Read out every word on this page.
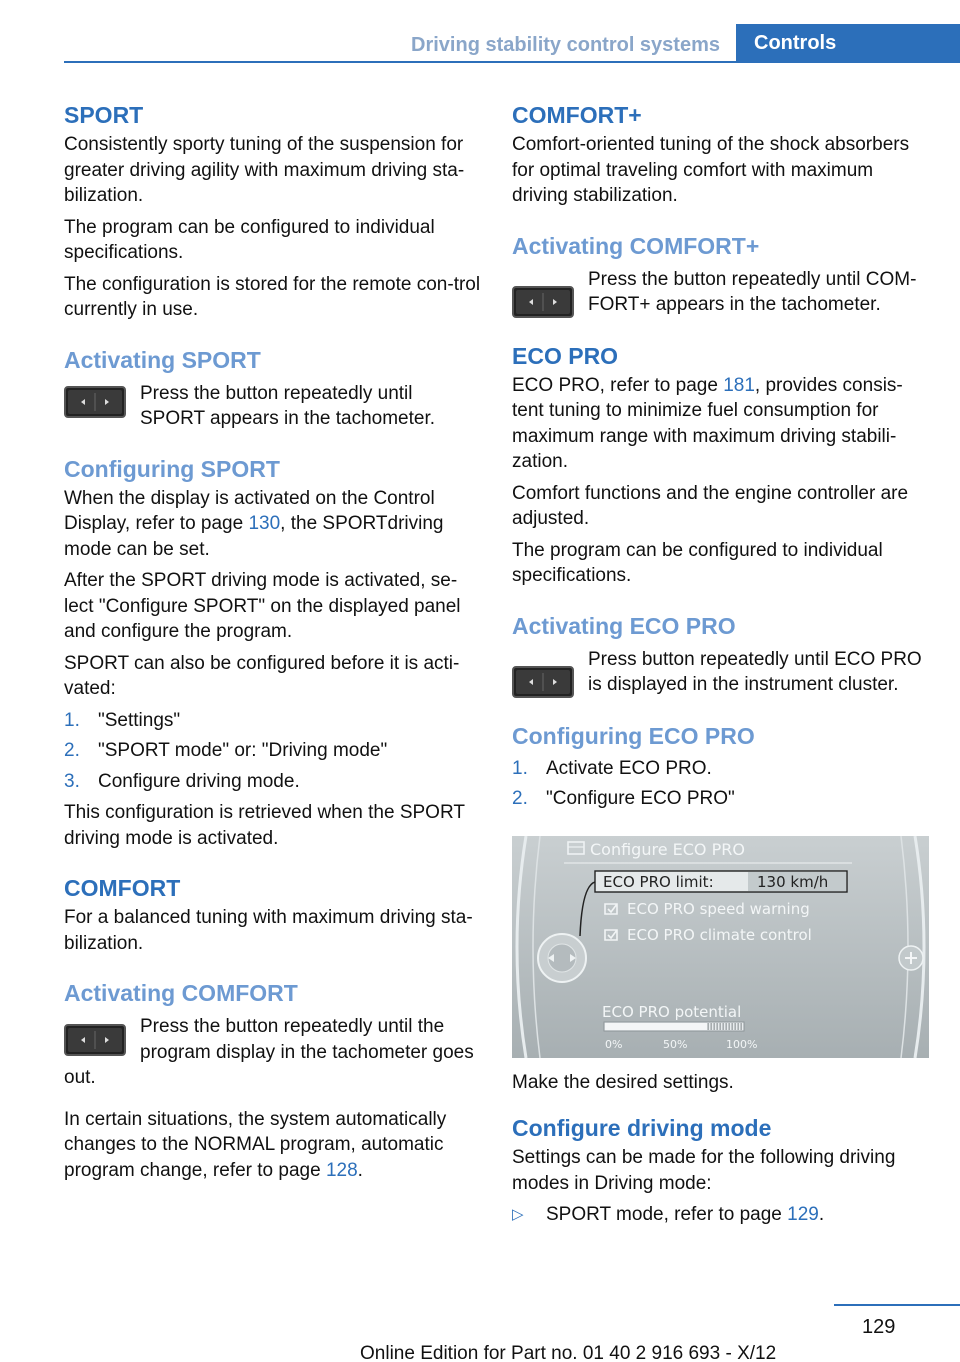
Driving stability control systems	Controls
SPORT
Consistently sporty tuning of the suspension for greater driving agility with maximum driving sta-bilization.
The program can be configured to individual specifications.
The configuration is stored for the remote con-trol currently in use.
Activating SPORT
Press the button repeatedly until SPORT appears in the tachometer.
Configuring SPORT
When the display is activated on the Control Display, refer to page 130, the SPORTdriving mode can be set.
After the SPORT driving mode is activated, se-lect "Configure SPORT" on the displayed panel and configure the program.
SPORT can also be configured before it is acti-vated:
1. "Settings"
2. "SPORT mode" or: "Driving mode"
3. Configure driving mode.
This configuration is retrieved when the SPORT driving mode is activated.
COMFORT
For a balanced tuning with maximum driving sta-bilization.
Activating COMFORT
Press the button repeatedly until the program display in the tachometer goes out.
In certain situations, the system automatically changes to the NORMAL program, automatic program change, refer to page 128.
COMFORT+
Comfort-oriented tuning of the shock absorbers for optimal traveling comfort with maximum driving stabilization.
Activating COMFORT+
Press the button repeatedly until COM-FORT+ appears in the tachometer.
ECO PRO
ECO PRO, refer to page 181, provides consis-tent tuning to minimize fuel consumption for maximum range with maximum driving stabili-zation.
Comfort functions and the engine controller are adjusted.
The program can be configured to individual specifications.
Activating ECO PRO
Press button repeatedly until ECO PRO is displayed in the instrument cluster.
Configuring ECO PRO
1. Activate ECO PRO.
2. "Configure ECO PRO"
Configure ECO PRO
ECO PRO limit:	130 km/h
ECO PRO speed warning
ECO PRO climate control
ECO PRO potential
0%	50%	100%
Make the desired settings.
Configure driving mode
Settings can be made for the following driving modes in Driving mode:
▷	SPORT mode, refer to page 129.
129
Online Edition for Part no. 01 40 2 916 693 - X/12
